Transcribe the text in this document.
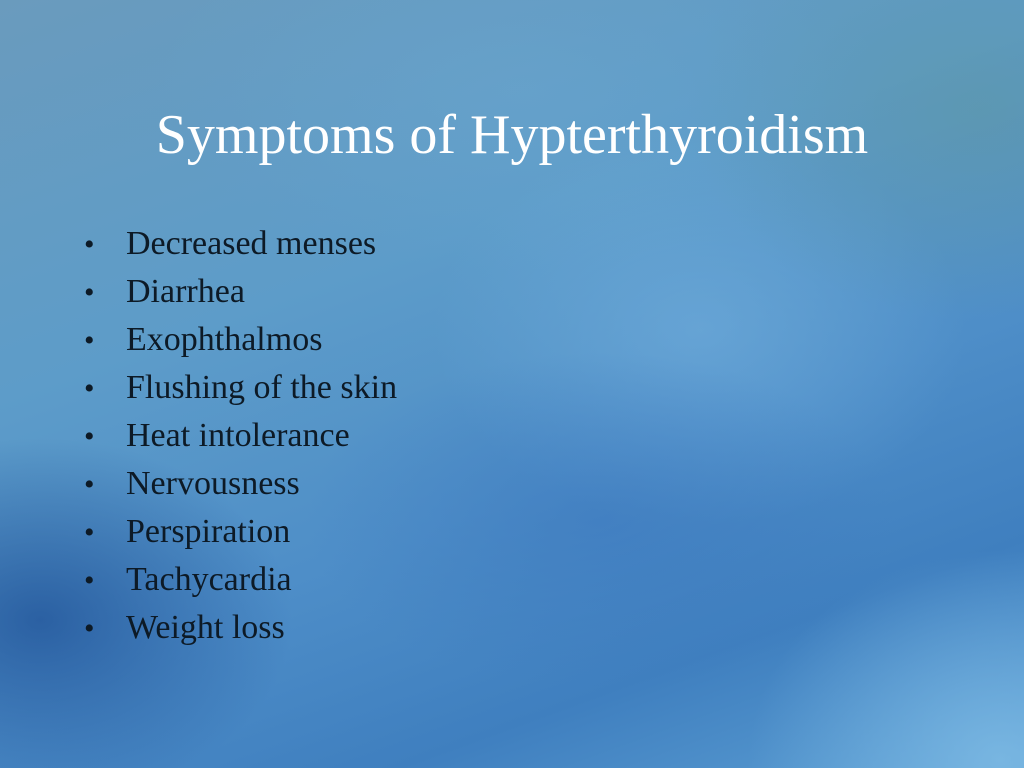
Symptoms of Hypterthyroidism
• Decreased menses
• Diarrhea
• Exophthalmos
• Flushing of the skin
• Heat intolerance
• Nervousness
• Perspiration
• Tachycardia
• Weight loss
